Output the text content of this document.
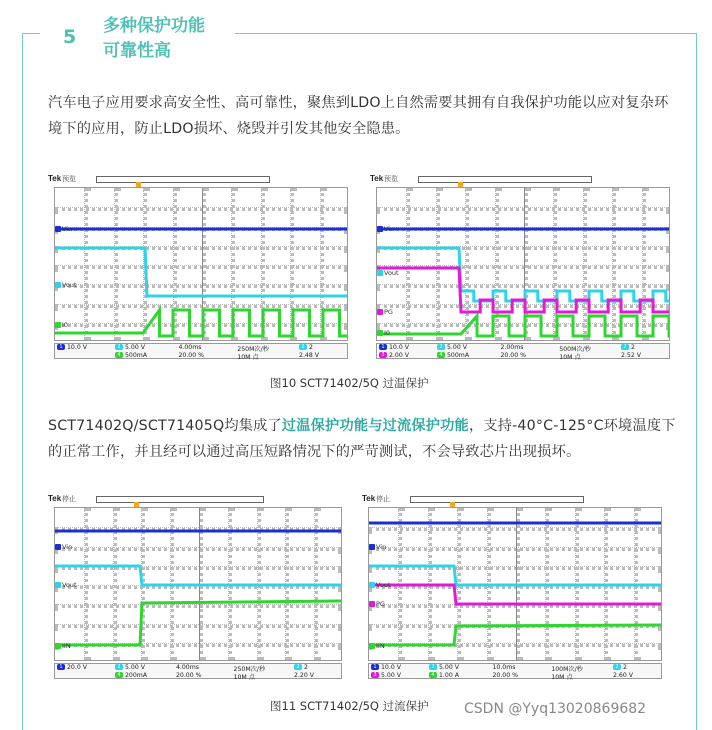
5 多种保护功能
可靠性高
汽车电子应用要求高安全性、高可靠性，聚焦到LDO上自然需要其拥有自我保护功能以应对复杂环境下的应用，防止LDO损坏、烧毁并引发其他安全隐患。
Tek 预览
Vin
Vout
I0
1 10.0 V	2 5.00 V
4 500mA
4.00ms
20.00 %
250M次/秒
10M 点
2 2
2.48 V
Tek 预览
Vin
Vout
PG
I0
1 10.0 V	2 5.00 V
3 2.00 V	4 500mA
2.00ms
20.00 %
500M次/秒
10M 点
2 2
2.52 V
图10 SCT71402/5Q 过温保护
SCT71402Q/SCT71405Q均集成了过温保护功能与过流保护功能，支持-40°C-125°C环境温度下的正常工作，并且经可以通过高压短路情况下的严苛测试，不会导致芯片出现损坏。
Tek 停止
Vin
Vout
IIN
1 20.0 V	2 5.00 V
4 200mA
4.00ms
20.00 %
250M次/秒
10M 点
2 2
2.20 V
Tek 停止
Vin
Vout
PG
IIN
1 10.0 V	2 5.00 V
3 5.00 V	4 1.00 A
10.0ms
20.00 %
100M次/秒
10M 点
2 2
2.60 V
图11 SCT71402/5Q 过流保护	CSDN @Yyq13020869682
